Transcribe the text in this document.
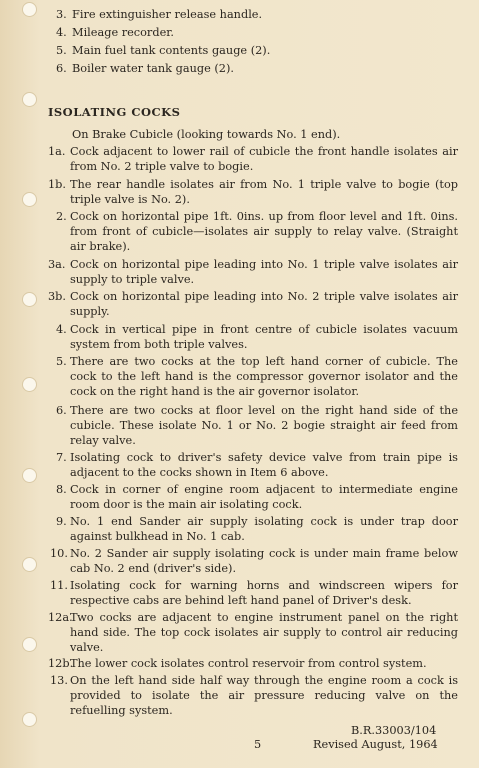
3. Fire extinguisher release handle.
4. Mileage recorder.
5. Main fuel tank contents gauge (2).
6. Boiler water tank gauge (2).
ISOLATING COCKS
On Brake Cubicle (looking towards No. 1 end).
1a. Cock adjacent to lower rail of cubicle the front handle isolates air from No. 2 triple valve to bogie.
1b. The rear handle isolates air from No. 1 triple valve to bogie (top triple valve is No. 2).
2. Cock on horizontal pipe 1ft. 0ins. up from floor level and 1ft. 0ins. from front of cubicle—isolates air supply to relay valve. (Straight air brake).
3a. Cock on horizontal pipe leading into No. 1 triple valve isolates air supply to triple valve.
3b. Cock on horizontal pipe leading into No. 2 triple valve isolates air supply.
4. Cock in vertical pipe in front centre of cubicle isolates vacuum system from both triple valves.
5. There are two cocks at the top left hand corner of cubicle. The cock to the left hand is the compressor governor isolator and the cock on the right hand is the air governor isolator.
6. There are two cocks at floor level on the right hand side of the cubicle. These isolate No. 1 or No. 2 bogie straight air feed from relay valve.
7. Isolating cock to driver's safety device valve from train pipe is adjacent to the cocks shown in Item 6 above.
8. Cock in corner of engine room adjacent to intermediate engine room door is the main air isolating cock.
9. No. 1 end Sander air supply isolating cock is under trap door against bulkhead in No. 1 cab.
10. No. 2 Sander air supply isolating cock is under main frame below cab No. 2 end (driver's side).
11. Isolating cock for warning horns and windscreen wipers for respective cabs are behind left hand panel of Driver's desk.
12a.
Two cocks are adjacent to engine instrument panel on the right hand side. The top cock isolates air supply to control air reducing valve.
12b.
The lower cock isolates control reservoir from control system.
13. On the left hand side half way through the engine room a cock is provided to isolate the air pressure reducing valve on the refuelling system.
B.R.33003/104
5	Revised August, 1964
